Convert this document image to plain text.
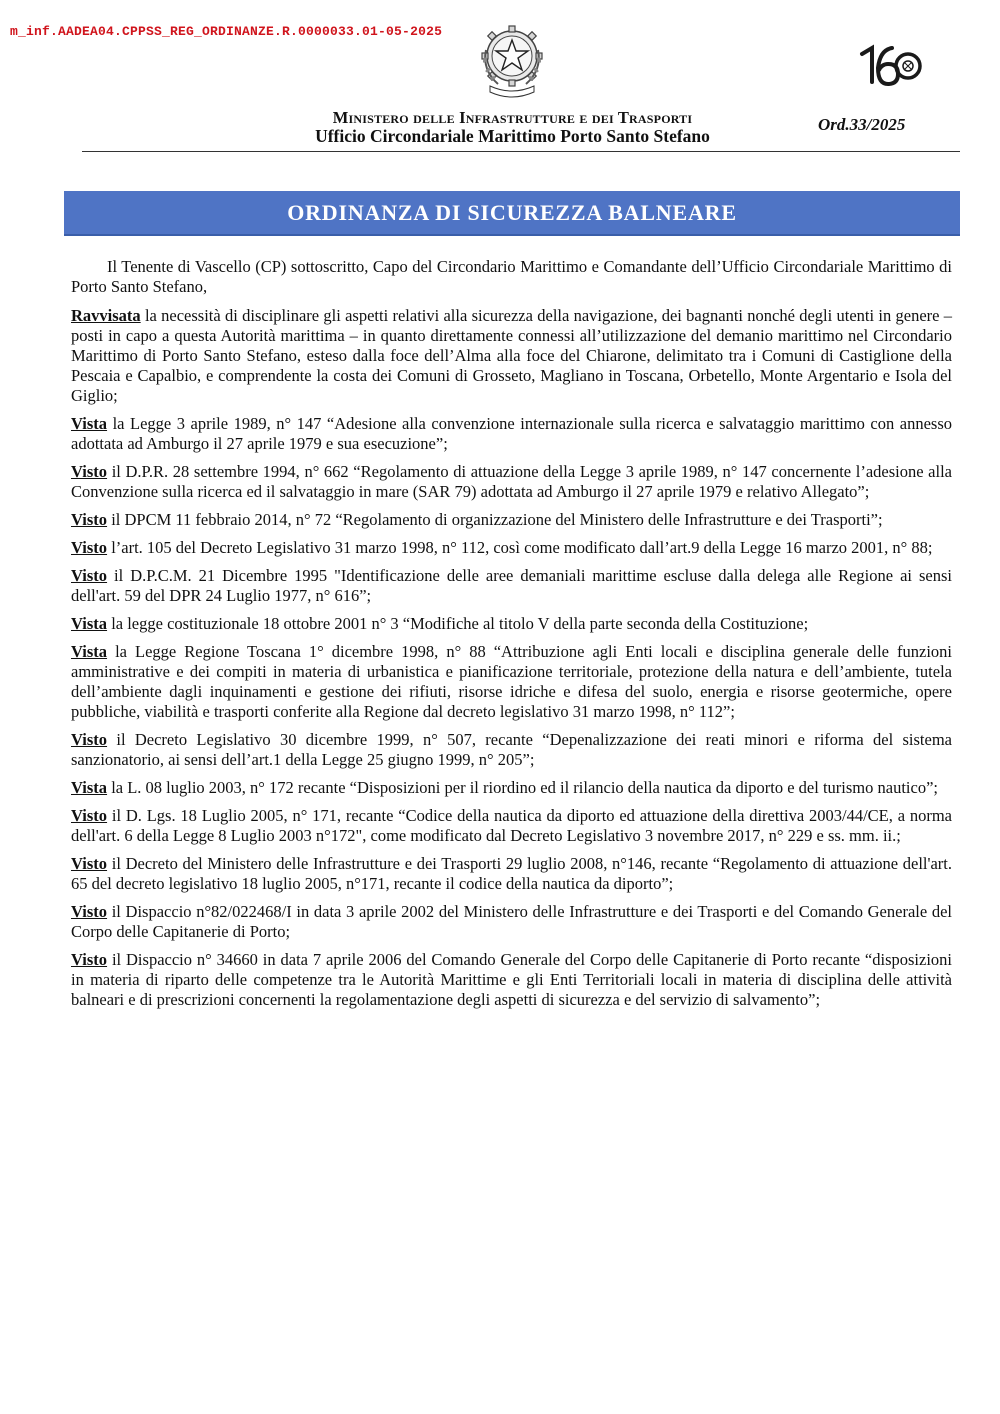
m_inf.AADEA04.CPPSS_REG_ORDINANZE.R.0000033.01-05-2025
Ministero delle Infrastrutture e dei Trasporti
Ufficio Circondariale Marittimo Porto Santo Stefano
Ord.33/2025
ORDINANZA DI SICUREZZA BALNEARE

Il Tenente di Vascello (CP) sottoscritto, Capo del Circondario Marittimo e Comandante dell’Ufficio Circondariale Marittimo di Porto Santo Stefano,

Ravvisata la necessità di disciplinare gli aspetti relativi alla sicurezza della navigazione, dei bagnanti nonché degli utenti in genere – posti in capo a questa Autorità marittima – in quanto direttamente connessi all’utilizzazione del demanio marittimo nel Circondario Marittimo di Porto Santo Stefano, esteso dalla foce dell’Alma alla foce del Chiarone, delimitato tra i Comuni di Castiglione della Pescaia e Capalbio, e comprendente la costa dei Comuni di Grosseto, Magliano in Toscana, Orbetello, Monte Argentario e Isola del Giglio;

Vista la Legge 3 aprile 1989, n° 147 “Adesione alla convenzione internazionale sulla ricerca e salvataggio marittimo con annesso adottata ad Amburgo il 27 aprile 1979 e sua esecuzione”;

Visto il D.P.R. 28 settembre 1994, n° 662 “Regolamento di attuazione della Legge 3 aprile 1989, n° 147 concernente l’adesione alla Convenzione sulla ricerca ed il salvataggio in mare (SAR 79) adottata ad Amburgo il 27 aprile 1979 e relativo Allegato”;

Visto il DPCM 11 febbraio 2014, n° 72 “Regolamento di organizzazione del Ministero delle Infrastrutture e dei Trasporti”;

Visto l’art. 105 del Decreto Legislativo 31 marzo 1998, n° 112, così come modificato dall’art.9 della Legge 16 marzo 2001, n° 88;

Visto il D.P.C.M. 21 Dicembre 1995 "Identificazione delle aree demaniali marittime escluse dalla delega alle Regione ai sensi dell'art. 59 del DPR 24 Luglio 1977, n° 616”;

Vista la legge costituzionale 18 ottobre 2001 n° 3 “Modifiche al titolo V della parte seconda della Costituzione;

Vista la Legge Regione Toscana 1° dicembre 1998, n° 88 “Attribuzione agli Enti locali e disciplina generale delle funzioni amministrative e dei compiti in materia di urbanistica e pianificazione territoriale, protezione della natura e dell’ambiente, tutela dell’ambiente dagli inquinamenti e gestione dei rifiuti, risorse idriche e difesa del suolo, energia e risorse geotermiche, opere pubbliche, viabilità e trasporti conferite alla Regione dal decreto legislativo 31 marzo 1998, n° 112”;

Visto il Decreto Legislativo 30 dicembre 1999, n° 507, recante “Depenalizzazione dei reati minori e riforma del sistema sanzionatorio, ai sensi dell’art.1 della Legge 25 giugno 1999, n° 205”;

Vista la L. 08 luglio 2003, n° 172 recante “Disposizioni per il riordino ed il rilancio della nautica da diporto e del turismo nautico”;

Visto il D. Lgs. 18 Luglio 2005, n° 171, recante “Codice della nautica da diporto ed attuazione della direttiva 2003/44/CE, a norma dell'art. 6 della Legge 8 Luglio 2003 n°172", come modificato dal Decreto Legislativo 3 novembre 2017, n° 229 e ss. mm. ii.;

Visto il Decreto del Ministero delle Infrastrutture e dei Trasporti 29 luglio 2008, n°146, recante “Regolamento di attuazione dell'art. 65 del decreto legislativo 18 luglio 2005, n°171, recante il codice della nautica da diporto”;

Visto il Dispaccio n°82/022468/I in data 3 aprile 2002 del Ministero delle Infrastrutture e dei Trasporti e del Comando Generale del Corpo delle Capitanerie di Porto;

Visto il Dispaccio n° 34660 in data 7 aprile 2006 del Comando Generale del Corpo delle Capitanerie di Porto recante “disposizioni in materia di riparto delle competenze tra le Autorità Marittime e gli Enti Territoriali locali in materia di disciplina delle attività balneari e di prescrizioni concernenti la regolamentazione degli aspetti di sicurezza e del servizio di salvamento”;
